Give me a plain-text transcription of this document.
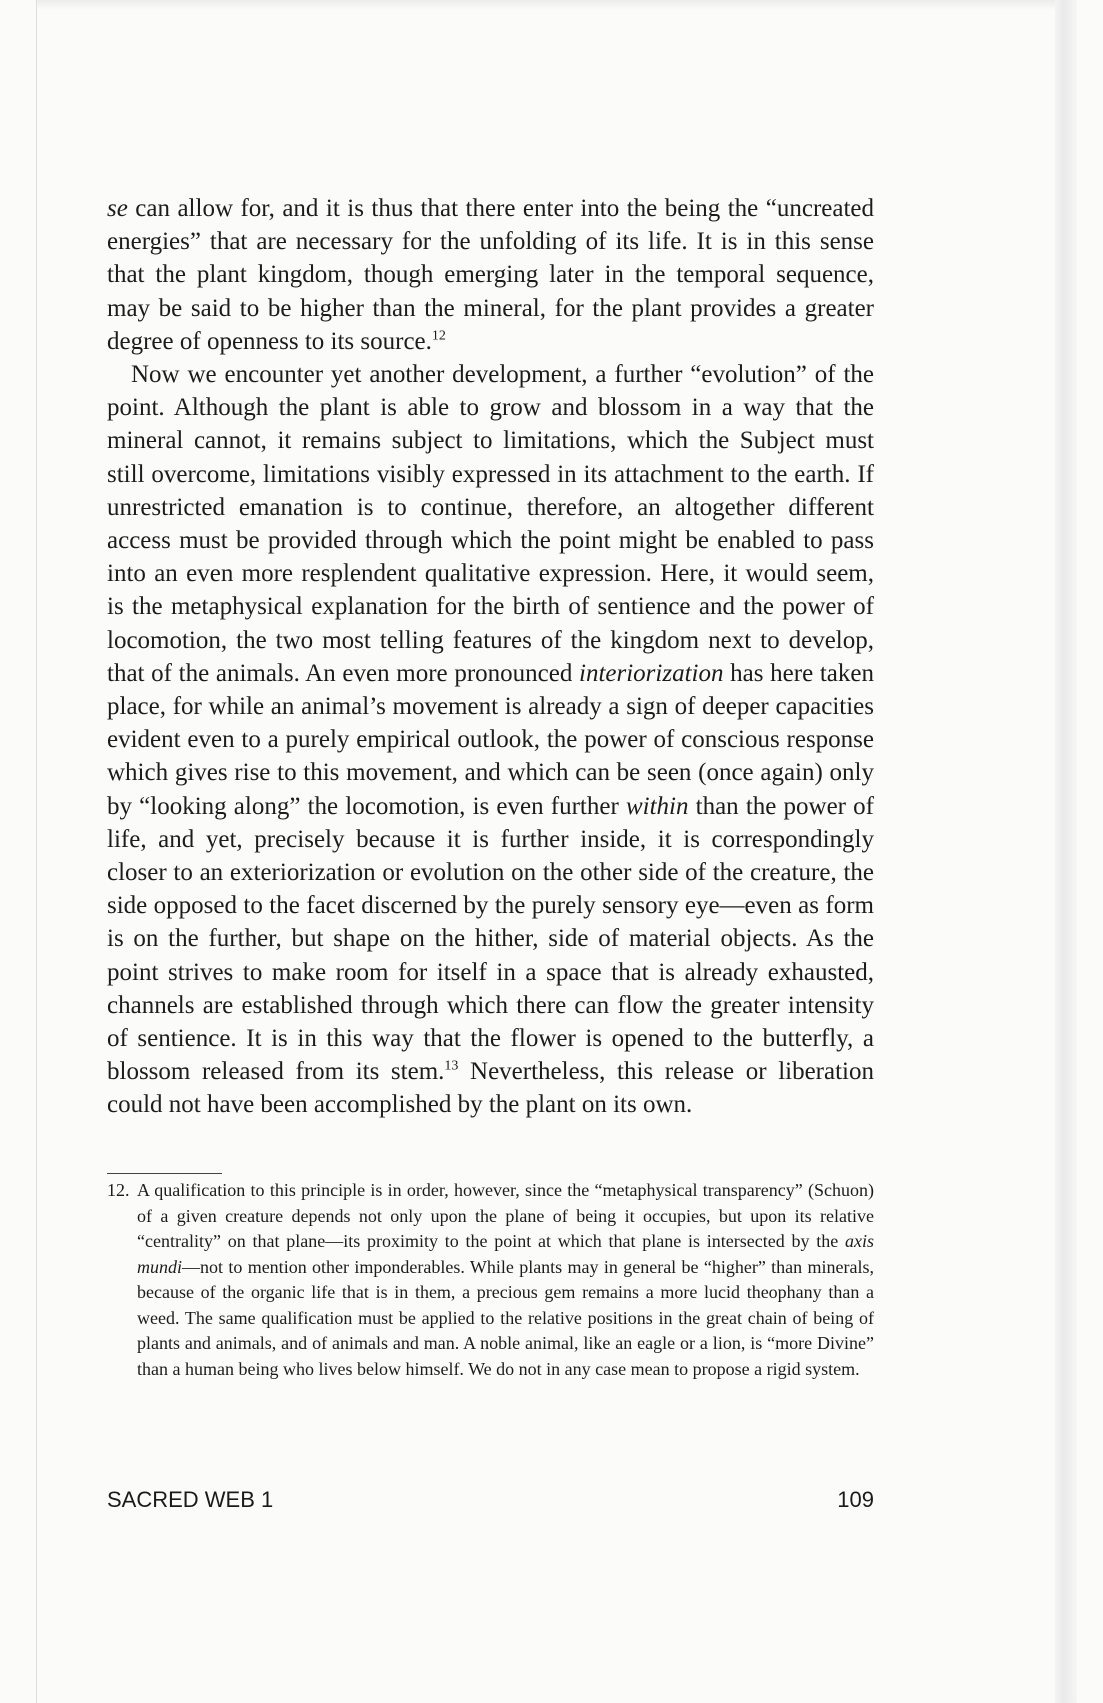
se can allow for, and it is thus that there enter into the being the “uncreated energies” that are necessary for the unfolding of its life. It is in this sense that the plant kingdom, though emerging later in the temporal sequence, may be said to be higher than the mineral, for the plant provides a greater degree of openness to its source.$^{12}$

Now we encounter yet another development, a further “evolution” of the point. Although the plant is able to grow and blossom in a way that the mineral cannot, it remains subject to limitations, which the Subject must still overcome, limitations visibly expressed in its attachment to the earth. If unrestricted emanation is to continue, therefore, an altogether different access must be provided through which the point might be enabled to pass into an even more resplendent qualitative expression. Here, it would seem, is the metaphysical explanation for the birth of sentience and the power of locomotion, the two most telling features of the kingdom next to develop, that of the animals. An even more pronounced interiorization has here taken place, for while an animal’s movement is already a sign of deeper capacities evident even to a purely empirical outlook, the power of conscious response which gives rise to this movement, and which can be seen (once again) only by “looking along” the locomotion, is even further within than the power of life, and yet, precisely because it is further inside, it is correspondingly closer to an exteriorization or evolution on the other side of the creature, the side opposed to the facet discerned by the purely sensory eye—even as form is on the further, but shape on the hither, side of material objects. As the point strives to make room for itself in a space that is already exhausted, channels are established through which there can flow the greater intensity of sentience. It is in this way that the flower is opened to the butterfly, a blossom released from its stem.$^{13}$ Nevertheless, this release or liberation could not have been accomplished by the plant on its own.

12. A qualification to this principle is in order, however, since the “metaphysical transparency” (Schuon) of a given creature depends not only upon the plane of being it occupies, but upon its relative “centrality” on that plane—its proximity to the point at which that plane is intersected by the axis mundi—not to mention other imponderables. While plants may in general be “higher” than minerals, because of the organic life that is in them, a precious gem remains a more lucid theophany than a weed. The same qualification must be applied to the relative positions in the great chain of being of plants and animals, and of animals and man. A noble animal, like an eagle or a lion, is “more Divine” than a human being who lives below himself. We do not in any case mean to propose a rigid system.
SACRED WEB 1	109
